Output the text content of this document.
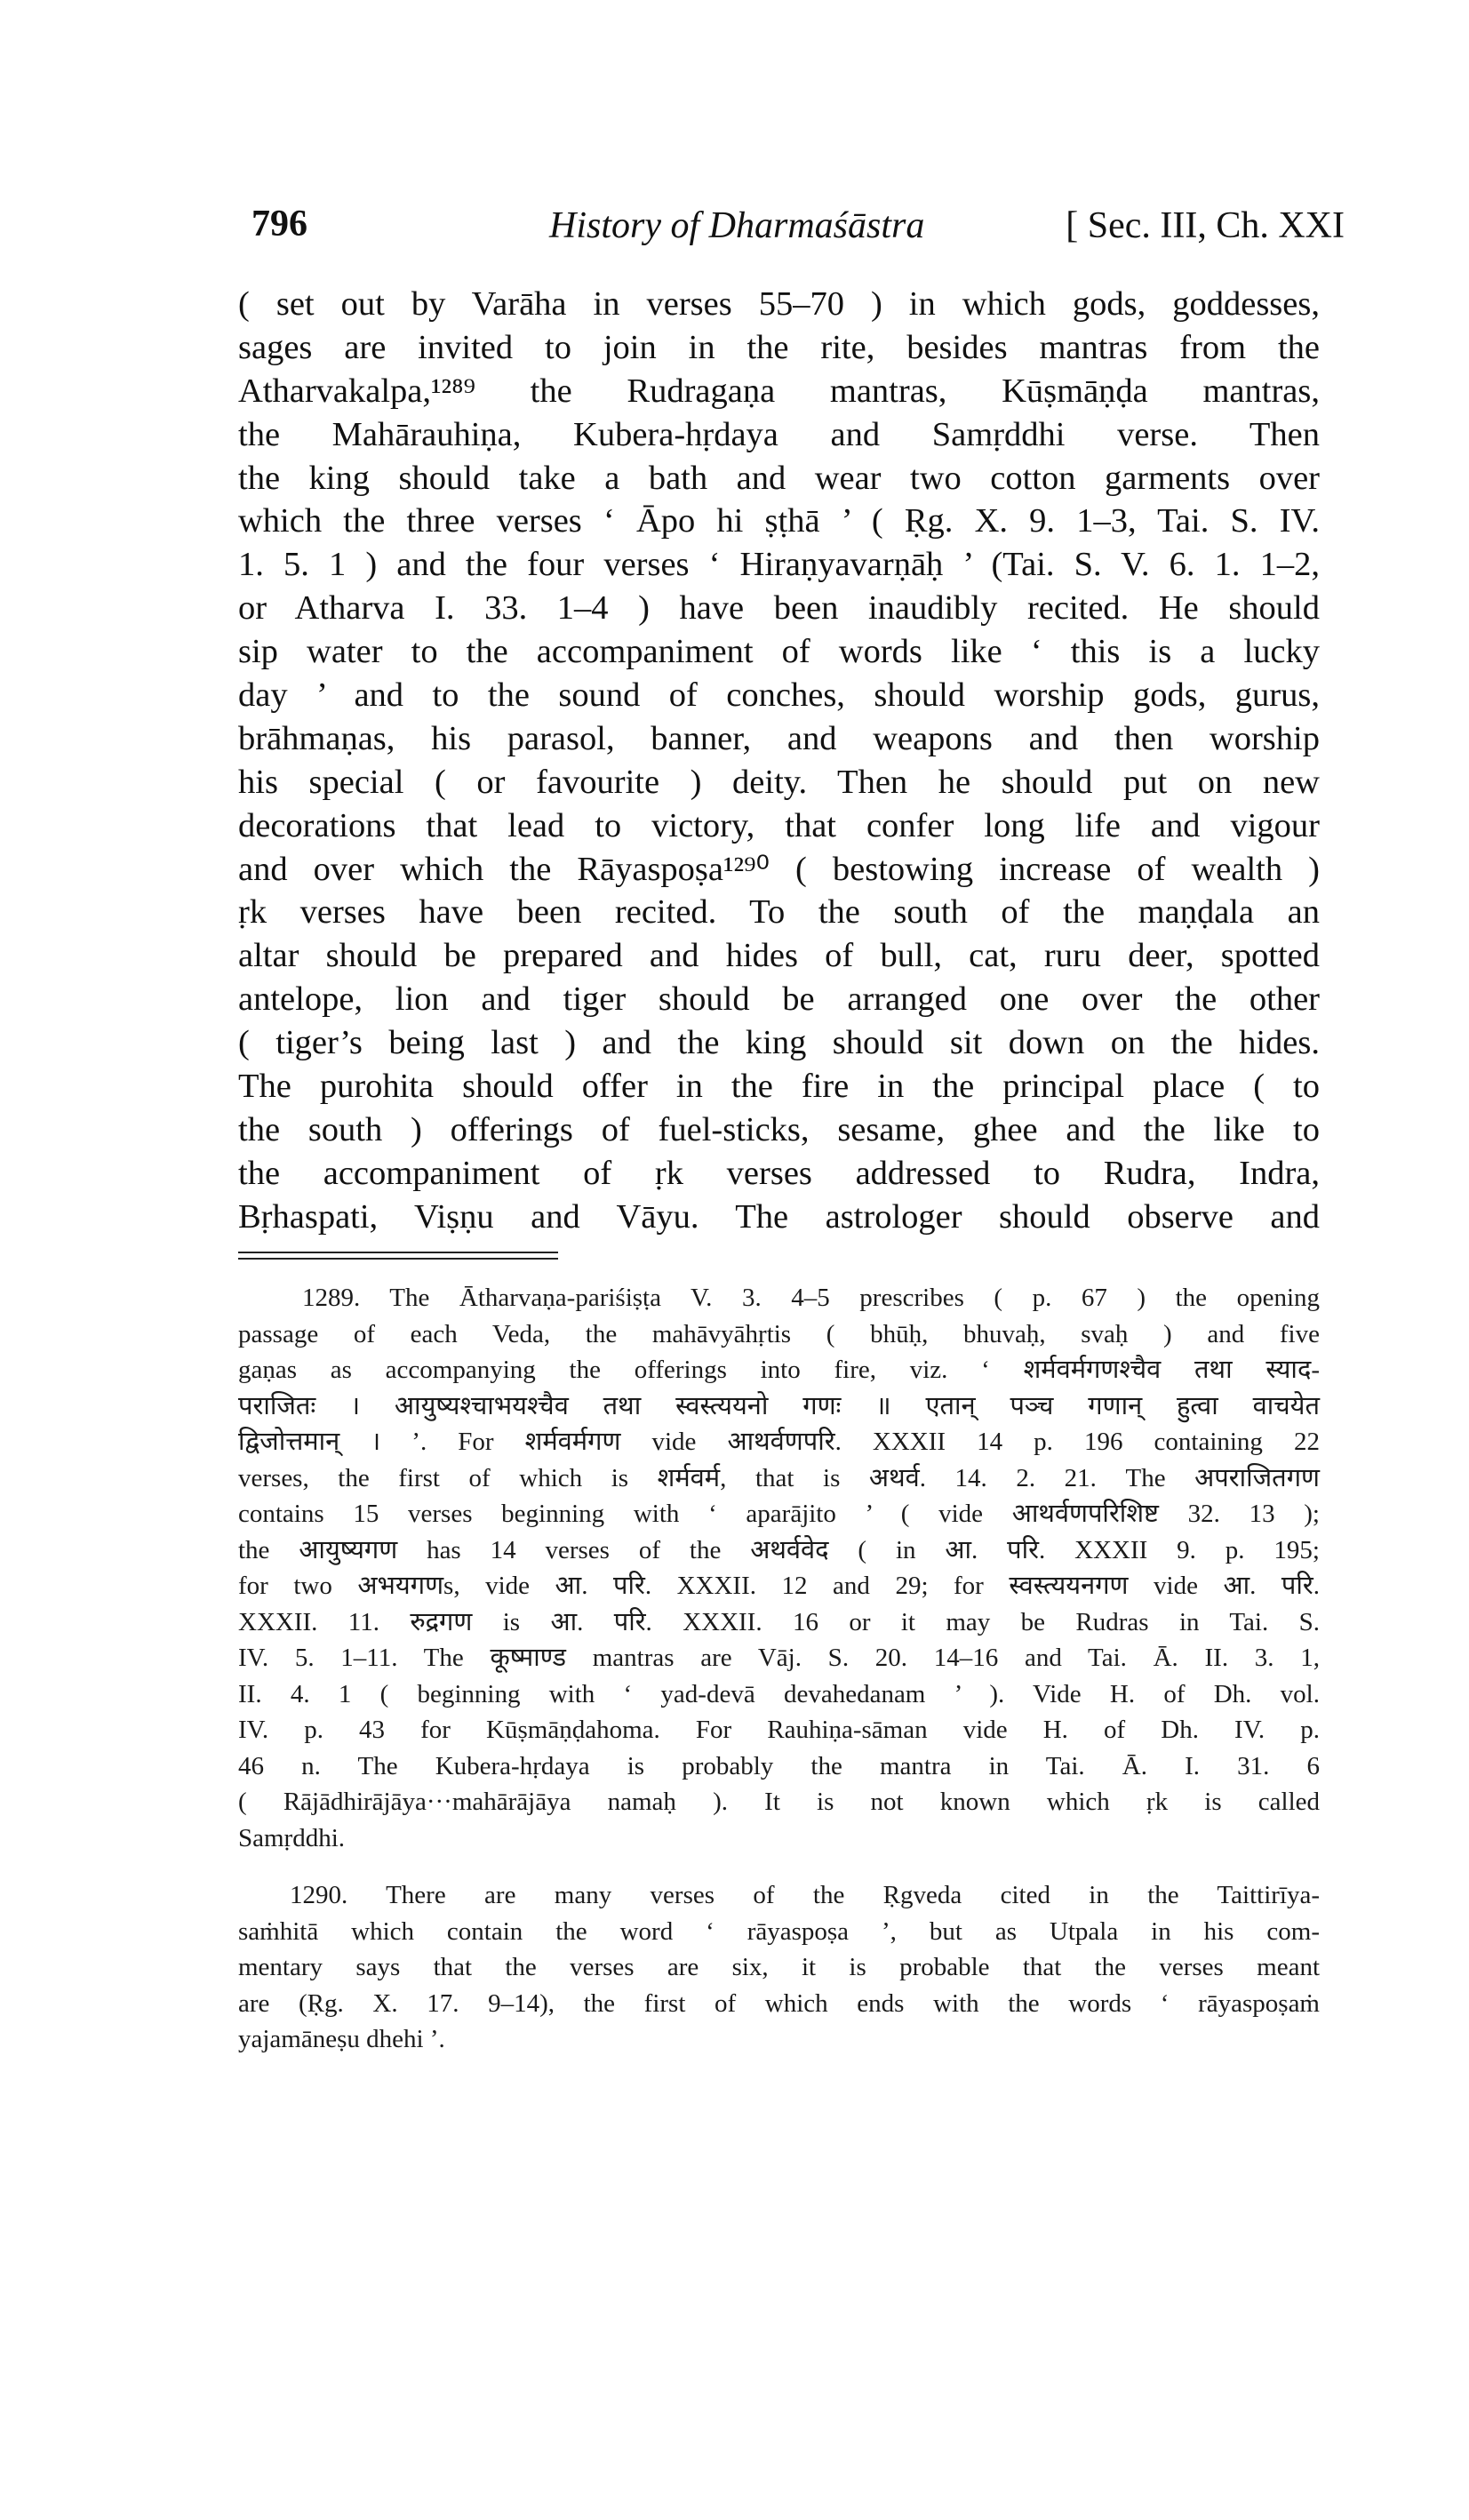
796	History of Dharmaśāstra	[ Sec. III, Ch. XXI
( set out by Varāha in verses 55–70 ) in which gods, goddesses,
sages are invited to join in the rite, besides mantras from the
Atharvakalpa,¹²⁸⁹ the Rudragaṇa mantras, Kūṣmāṇḍa mantras,
the Mahārauhiṇa, Kubera-hṛdaya and Samṛddhi verse. Then
the king should take a bath and wear two cotton garments over
which the three verses ‘ Āpo hi ṣṭhā ’ ( Ṛg. X. 9. 1–3, Tai. S. IV.
1. 5. 1 ) and the four verses ‘ Hiraṇyavarṇāḥ ’ (Tai. S. V. 6. 1. 1–2,
or Atharva I. 33. 1–4 ) have been inaudibly recited. He should
sip water to the accompaniment of words like ‘ this is a lucky
day ’ and to the sound of conches, should worship gods, gurus,
brāhmaṇas, his parasol, banner, and weapons and then worship
his special ( or favourite ) deity. Then he should put on new
decorations that lead to victory, that confer long life and vigour
and over which the Rāyaspoṣa¹²⁹⁰ ( bestowing increase of wealth )
ṛk verses have been recited. To the south of the maṇḍala an
altar should be prepared and hides of bull, cat, ruru deer, spotted
antelope, lion and tiger should be arranged one over the other
( tiger’s being last ) and the king should sit down on the hides.
The purohita should offer in the fire in the principal place ( to
the south ) offerings of fuel-sticks, sesame, ghee and the like to
the accompaniment of ṛk verses addressed to Rudra, Indra,
Bṛhaspati, Viṣṇu and Vāyu. The astrologer should observe and
1289. The Ātharvaṇa-pariśiṣṭa V. 3. 4–5 prescribes ( p. 67 ) the opening
passage of each Veda, the mahāvyāhṛtis ( bhūḥ, bhuvaḥ, svaḥ ) and five
gaṇas as accompanying the offerings into fire, viz. ‘ शर्मवर्मगणश्चैव तथा स्याद-
पराजितः । आयुष्यश्चाभयश्चैव तथा स्वस्त्ययनो गणः ॥ एतान् पञ्च गणान् हुत्वा वाचयेत
द्विजोत्तमान् । ’. For शर्मवर्मगण vide आथर्वणपरि. XXXII 14 p. 196 containing 22
verses, the first of which is शर्मवर्म, that is अथर्व. 14. 2. 21. The अपराजितगण
contains 15 verses beginning with ‘ aparājito ’ ( vide आथर्वणपरिशिष्ट 32. 13 );
the आयुष्यगण has 14 verses of the अथर्ववेद ( in आ. परि. XXXII 9. p. 195;
for two अभयगणs, vide आ. परि. XXXII. 12 and 29; for स्वस्त्ययनगण vide आ. परि.
XXXII. 11. रुद्रगण is आ. परि. XXXII. 16 or it may be Rudras in Tai. S.
IV. 5. 1–11. The कूष्माण्ड mantras are Vāj. S. 20. 14–16 and Tai. Ā. II. 3. 1,
II. 4. 1 ( beginning with ‘ yad-devā devahedanam ’ ). Vide H. of Dh. vol.
IV. p. 43 for Kūṣmāṇḍahoma. For Rauhiṇa-sāman vide H. of Dh. IV. p.
46 n. The Kubera-hṛdaya is probably the mantra in Tai. Ā. I. 31. 6
( Rājādhirājāya···mahārājāya namaḥ ). It is not known which ṛk is called
Samṛddhi.
1290. There are many verses of the Ṛgveda cited in the Taittirīya-
saṁhitā which contain the word ‘ rāyaspoṣa ’, but as Utpala in his com-
mentary says that the verses are six, it is probable that the verses meant
are (Ṛg. X. 17. 9–14), the first of which ends with the words ‘ rāyaspoṣaṁ
yajamāneṣu dhehi ’.
